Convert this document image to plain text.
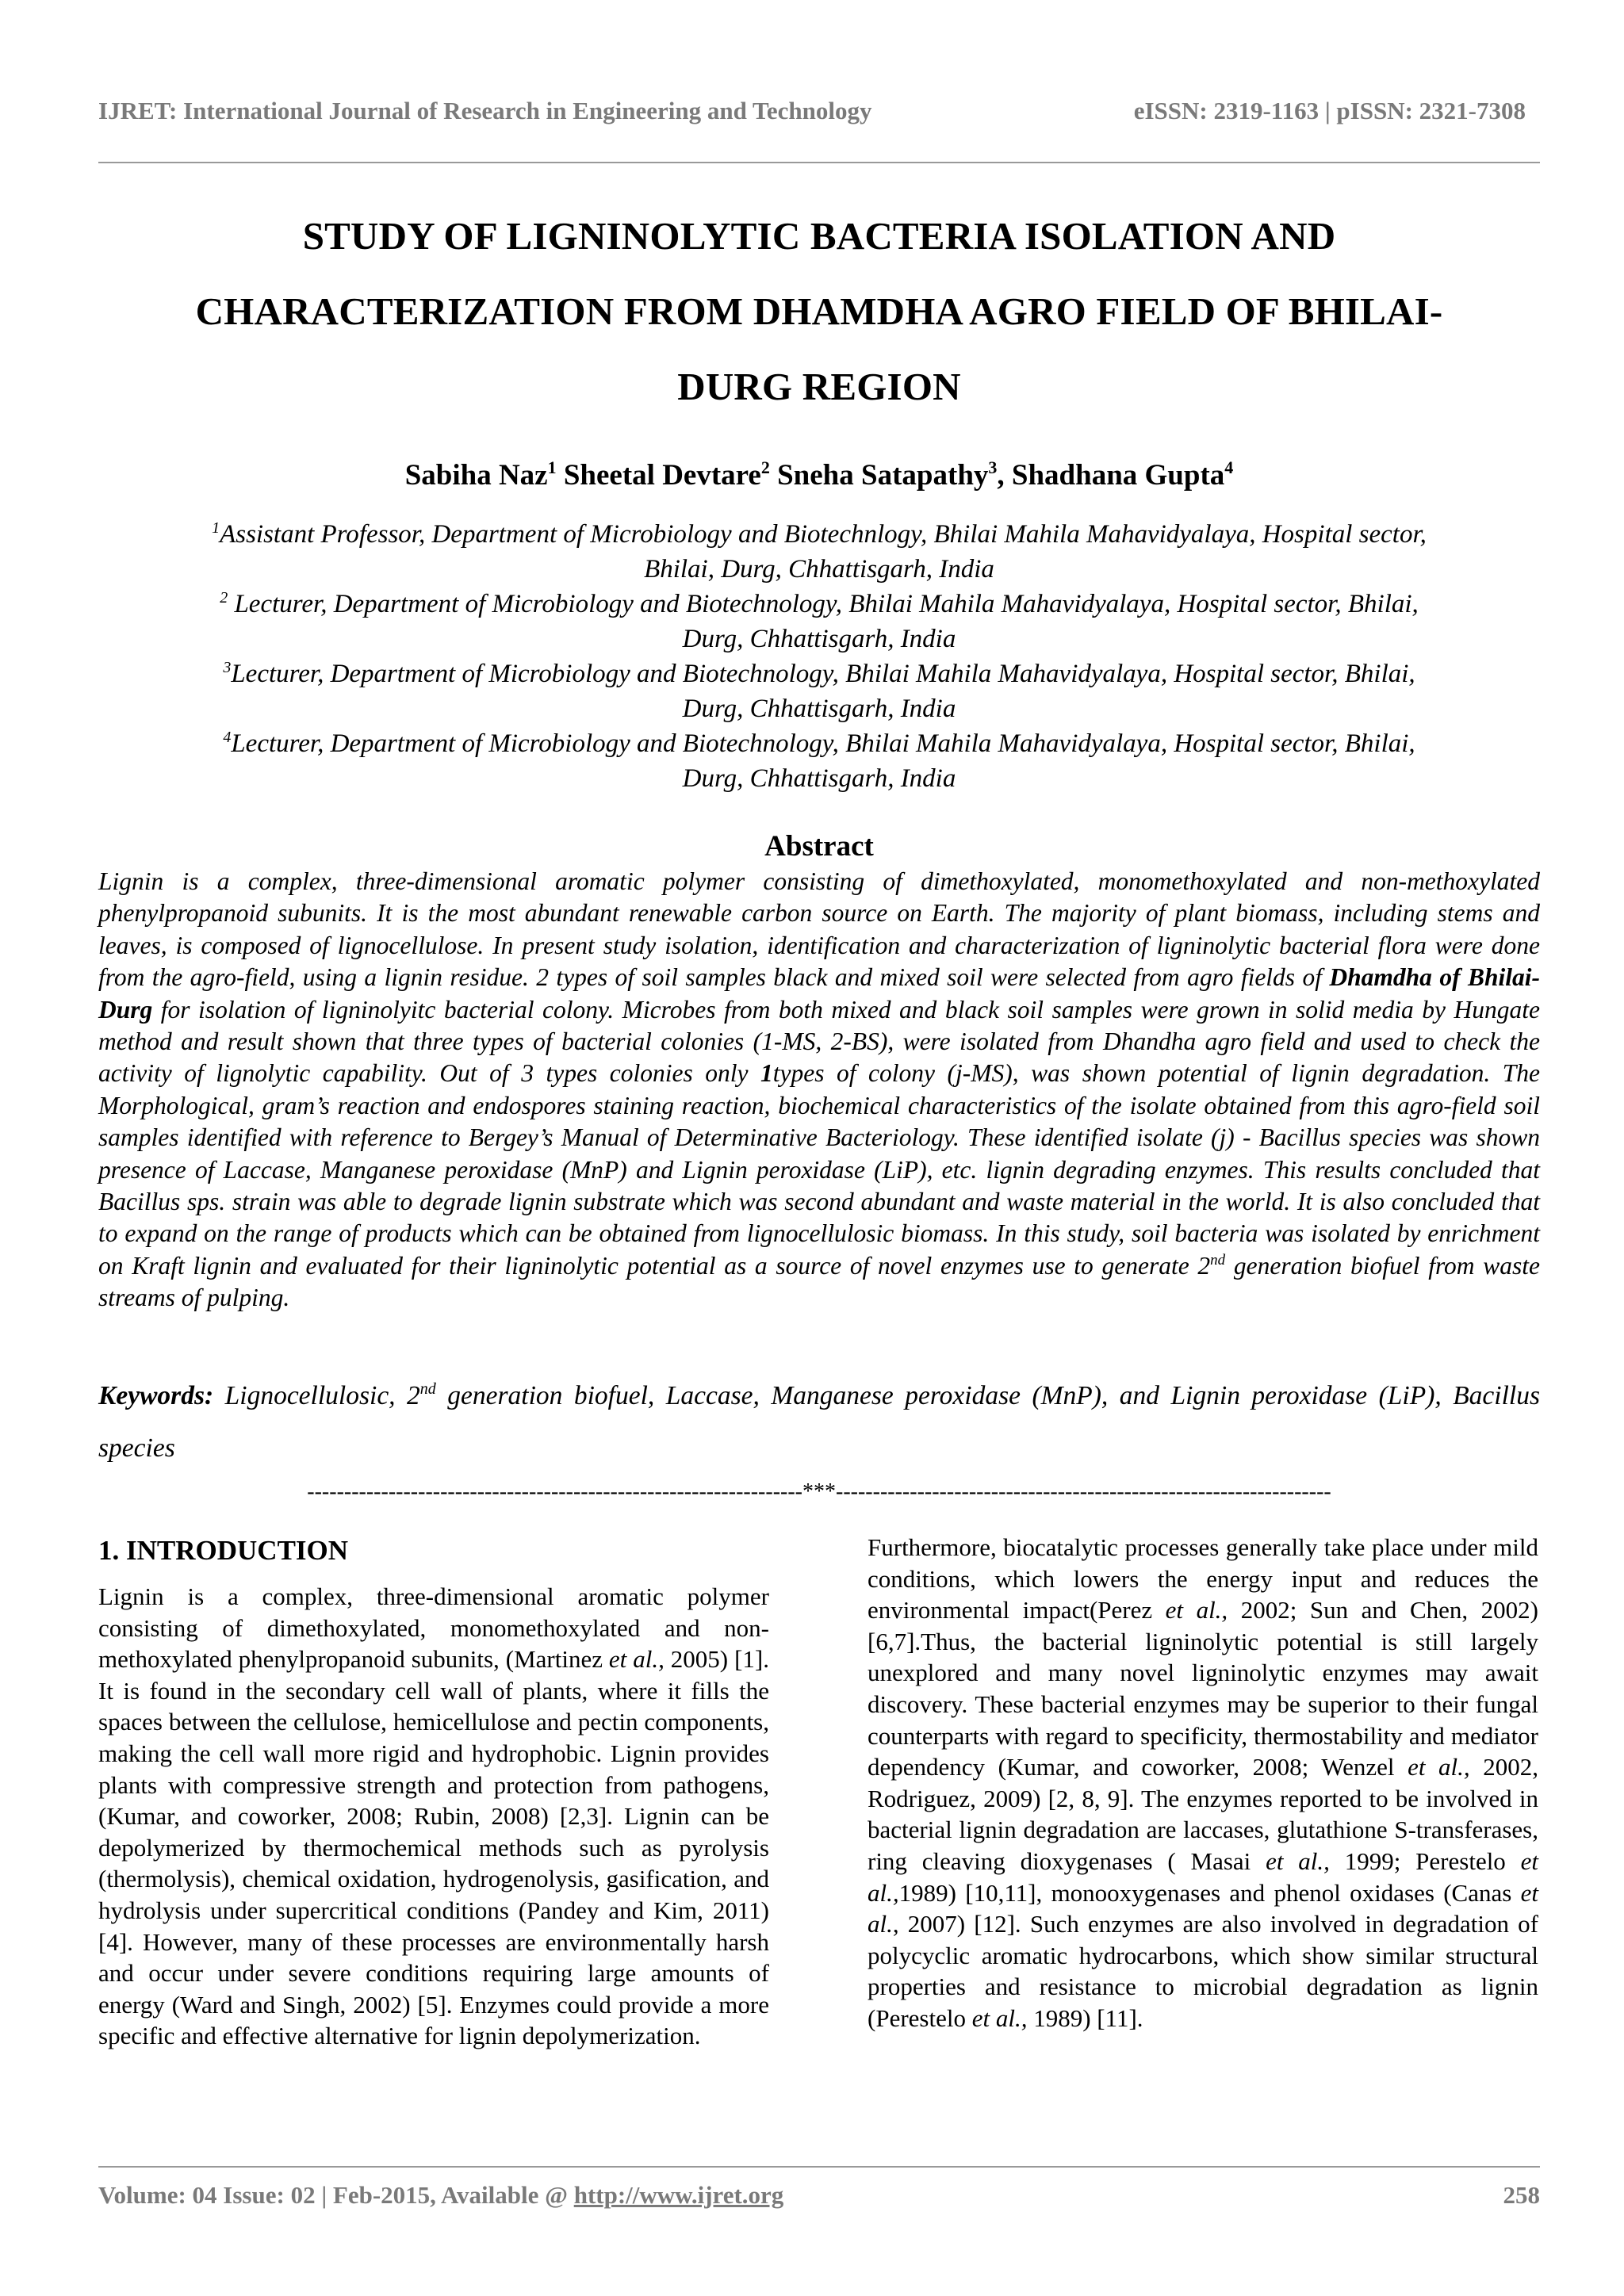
IJRET: International Journal of Research in Engineering and Technology	eISSN: 2319-1163 | pISSN: 2321-7308
STUDY OF LIGNINOLYTIC BACTERIA ISOLATION AND
CHARACTERIZATION FROM DHAMDHA AGRO FIELD OF BHILAI-
DURG REGION
Sabiha Naz$^1$ Sheetal Devtare$^2$ Sneha Satapathy$^3$, Shadhana Gupta$^4$
$^1$Assistant Professor, Department of Microbiology and Biotechnlogy, Bhilai Mahila Mahavidyalaya, Hospital sector,
Bhilai, Durg, Chhattisgarh, India
$^2$ Lecturer, Department of Microbiology and Biotechnology, Bhilai Mahila Mahavidyalaya, Hospital sector, Bhilai,
Durg, Chhattisgarh, India
$^3$Lecturer, Department of Microbiology and Biotechnology, Bhilai Mahila Mahavidyalaya, Hospital sector, Bhilai,
Durg, Chhattisgarh, India
$^4$Lecturer, Department of Microbiology and Biotechnology, Bhilai Mahila Mahavidyalaya, Hospital sector, Bhilai,
Durg, Chhattisgarh, India
Abstract
Lignin is a complex, three-dimensional aromatic polymer consisting of dimethoxylated, monomethoxylated and non-methoxylated phenylpropanoid subunits. It is the most abundant renewable carbon source on Earth. The majority of plant biomass, including stems and leaves, is composed of lignocellulose. In present study isolation, identification and characterization of ligninolytic bacterial flora were done from the agro-field, using a lignin residue. 2 types of soil samples black and mixed soil were selected from agro fields of Dhamdha of Bhilai-Durg for isolation of ligninolyitc bacterial colony. Microbes from both mixed and black soil samples were grown in solid media by Hungate method and result shown that three types of bacterial colonies (1-MS, 2-BS), were isolated from Dhandha agro field and used to check the activity of lignolytic capability. Out of 3 types colonies only 1types of colony (j-MS), was shown potential of lignin degradation. The Morphological, gram’s reaction and endospores staining reaction, biochemical characteristics of the isolate obtained from this agro-field soil samples identified with reference to Bergey’s Manual of Determinative Bacteriology. These identified isolate (j) - Bacillus species was shown presence of Laccase, Manganese peroxidase (MnP) and Lignin peroxidase (LiP), etc. lignin degrading enzymes. This results concluded that Bacillus sps. strain was able to degrade lignin substrate which was second abundant and waste material in the world. It is also concluded that to expand on the range of products which can be obtained from lignocellulosic biomass. In this study, soil bacteria was isolated by enrichment on Kraft lignin and evaluated for their ligninolytic potential as a source of novel enzymes use to generate 2nd generation biofuel from waste streams of pulping.
Keywords: Lignocellulosic, 2nd generation biofuel, Laccase, Manganese peroxidase (MnP), and Lignin peroxidase (LiP), Bacillus species
-------------------------------------------------------------------***-------------------------------------------------------------------
1. INTRODUCTION
Lignin is a complex, three-dimensional aromatic polymer consisting of dimethoxylated, monomethoxylated and non-methoxylated phenylpropanoid subunits, (Martinez et al., 2005) [1]. It is found in the secondary cell wall of plants, where it fills the spaces between the cellulose, hemicellulose and pectin components, making the cell wall more rigid and hydrophobic. Lignin provides plants with compressive strength and protection from pathogens, (Kumar, and coworker, 2008; Rubin, 2008) [2,3]. Lignin can be depolymerized by thermochemical methods such as pyrolysis (thermolysis), chemical oxidation, hydrogenolysis, gasification, and hydrolysis under supercritical conditions (Pandey and Kim, 2011) [4]. However, many of these processes are environmentally harsh and occur under severe conditions requiring large amounts of energy (Ward and Singh, 2002) [5]. Enzymes could provide a more specific and effective alternative for lignin depolymerization.
Furthermore, biocatalytic processes generally take place under mild conditions, which lowers the energy input and reduces the environmental impact(Perez et al., 2002; Sun and Chen, 2002) [6,7].Thus, the bacterial ligninolytic potential is still largely unexplored and many novel ligninolytic enzymes may await discovery. These bacterial enzymes may be superior to their fungal counterparts with regard to specificity, thermostability and mediator dependency (Kumar, and coworker, 2008; Wenzel et al., 2002, Rodriguez, 2009) [2, 8, 9]. The enzymes reported to be involved in bacterial lignin degradation are laccases, glutathione S-transferases, ring cleaving dioxygenases ( Masai et al., 1999; Perestelo et al.,1989) [10,11], monooxygenases and phenol oxidases (Canas et al., 2007) [12]. Such enzymes are also involved in degradation of polycyclic aromatic hydrocarbons, which show similar structural properties and resistance to microbial degradation as lignin (Perestelo et al., 1989) [11].
Volume: 04 Issue: 02 | Feb-2015, Available @ http://www.ijret.org	258
